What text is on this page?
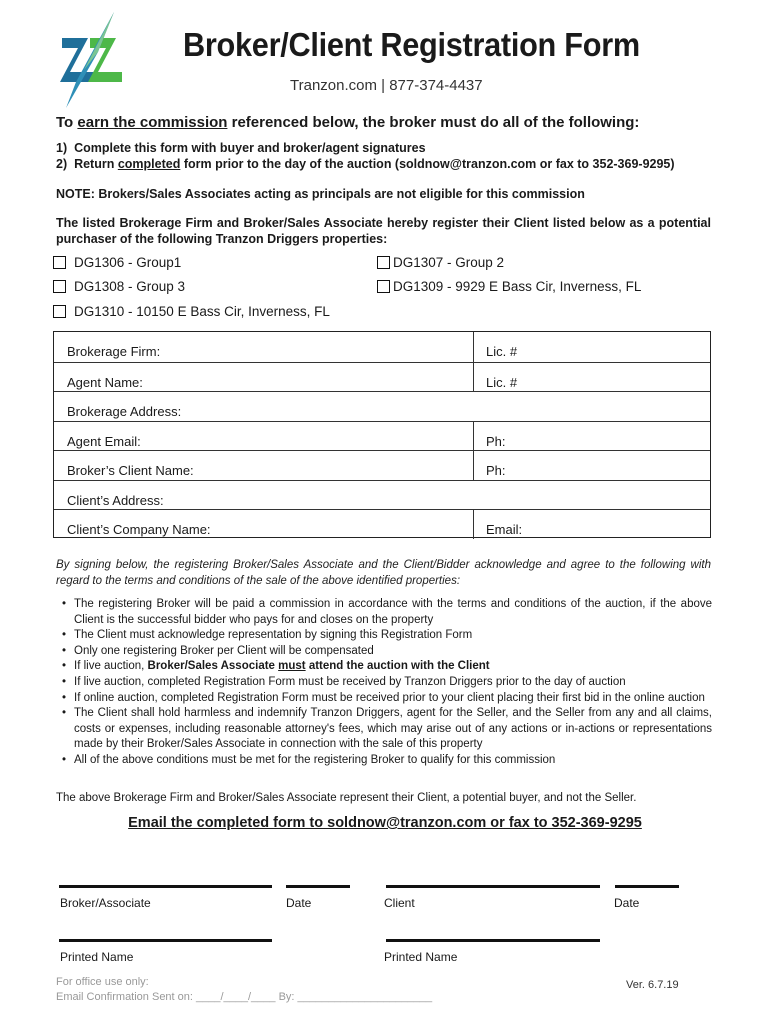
Broker/Client Registration Form
Tranzon.com | 877-374-4437
To earn the commission referenced below, the broker must do all of the following:
1) Complete this form with buyer and broker/agent signatures
2) Return completed form prior to the day of the auction (soldnow@tranzon.com or fax to 352-369-9295)
NOTE: Brokers/Sales Associates acting as principals are not eligible for this commission
The listed Brokerage Firm and Broker/Sales Associate hereby register their Client listed below as a potential purchaser of the following Tranzon Driggers properties:
DG1306 - Group1	DG1307 - Group 2
DG1308 - Group 3	DG1309 - 9929 E Bass Cir, Inverness, FL
DG1310 - 10150 E Bass Cir, Inverness, FL
Brokerage Firm:	Lic. #
Agent Name:	Lic. #
Brokerage Address:
Agent Email:	Ph:
Broker’s Client Name:	Ph:
Client’s Address:
Client’s Company Name:	Email:
By signing below, the registering Broker/Sales Associate and the Client/Bidder acknowledge and agree to the following with regard to the terms and conditions of the sale of the above identified properties:
• The registering Broker will be paid a commission in accordance with the terms and conditions of the auction, if the above Client is the successful bidder who pays for and closes on the property
• The Client must acknowledge representation by signing this Registration Form
• Only one registering Broker per Client will be compensated
• If live auction, Broker/Sales Associate must attend the auction with the Client
• If live auction, completed Registration Form must be received by Tranzon Driggers prior to the day of auction
• If online auction, completed Registration Form must be received prior to your client placing their first bid in the online auction
• The Client shall hold harmless and indemnify Tranzon Driggers, agent for the Seller, and the Seller from any and all claims, costs or expenses, including reasonable attorney's fees, which may arise out of any actions or in-actions or representations made by their Broker/Sales Associate in connection with the sale of this property
• All of the above conditions must be met for the registering Broker to qualify for this commission
The above Brokerage Firm and Broker/Sales Associate represent their Client, a potential buyer, and not the Seller.
Email the completed form to soldnow@tranzon.com or fax to 352-369-9295
Broker/Associate	Date	Client	Date
Printed Name	Printed Name
For office use only:
Email Confirmation Sent on: ____/____/____ By: ______________________
Ver. 6.7.19
